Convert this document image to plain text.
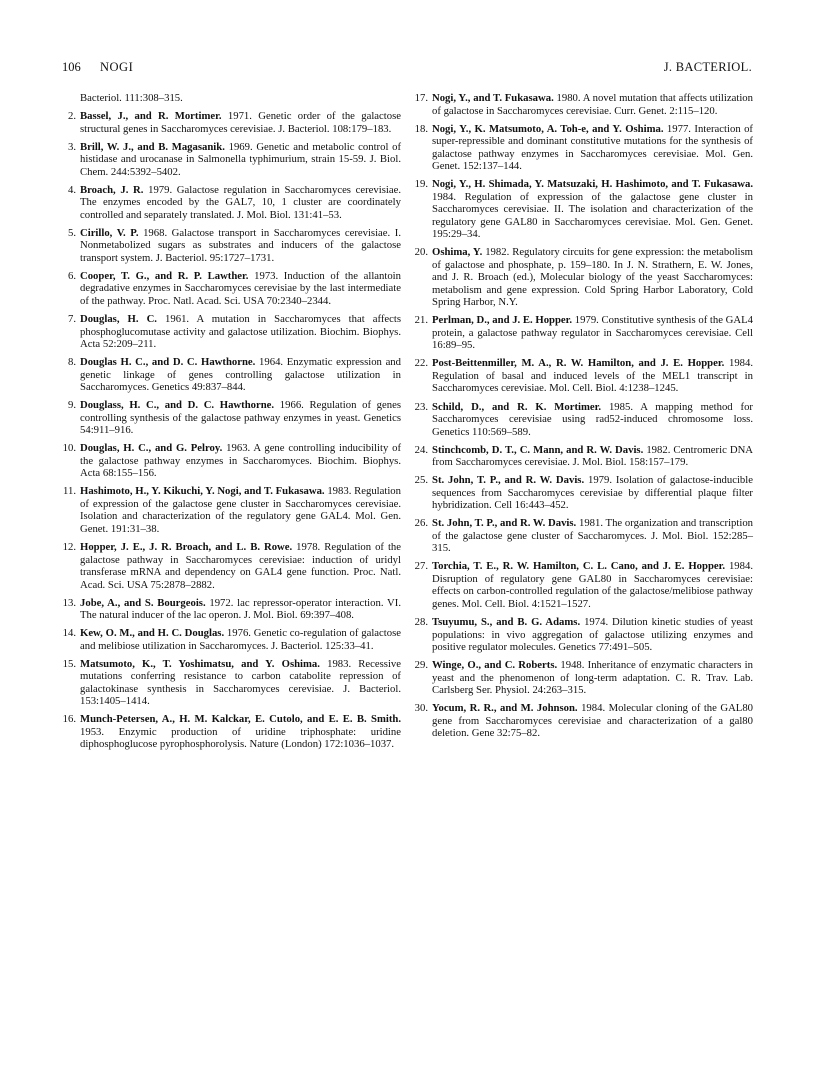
106 NOGI	J. BACTERIOL.
Bacteriol. 111:308–315.
2. Bassel, J., and R. Mortimer. 1971. Genetic order of the galactose structural genes in Saccharomyces cerevisiae. J. Bacteriol. 108:179–183.
3. Brill, W. J., and B. Magasanik. 1969. Genetic and metabolic control of histidase and urocanase in Salmonella typhimurium, strain 15-59. J. Biol. Chem. 244:5392–5402.
4. Broach, J. R. 1979. Galactose regulation in Saccharomyces cerevisiae. The enzymes encoded by the GAL7, 10, 1 cluster are coordinately controlled and separately translated. J. Mol. Biol. 131:41–53.
5. Cirillo, V. P. 1968. Galactose transport in Saccharomyces cerevisiae. I. Nonmetabolized sugars as substrates and inducers of the galactose transport system. J. Bacteriol. 95:1727–1731.
6. Cooper, T. G., and R. P. Lawther. 1973. Induction of the allantoin degradative enzymes in Saccharomyces cerevisiae by the last intermediate of the pathway. Proc. Natl. Acad. Sci. USA 70:2340–2344.
7. Douglas, H. C. 1961. A mutation in Saccharomyces that affects phosphoglucomutase activity and galactose utilization. Biochim. Biophys. Acta 52:209–211.
8. Douglas H. C., and D. C. Hawthorne. 1964. Enzymatic expression and genetic linkage of genes controlling galactose utilization in Saccharomyces. Genetics 49:837–844.
9. Douglass, H. C., and D. C. Hawthorne. 1966. Regulation of genes controlling synthesis of the galactose pathway enzymes in yeast. Genetics 54:911–916.
10. Douglas, H. C., and G. Pelroy. 1963. A gene controlling inducibility of the galactose pathway enzymes in Saccharomyces. Biochim. Biophys. Acta 68:155–156.
11. Hashimoto, H., Y. Kikuchi, Y. Nogi, and T. Fukasawa. 1983. Regulation of expression of the galactose gene cluster in Saccharomyces cerevisiae. Isolation and characterization of the regulatory gene GAL4. Mol. Gen. Genet. 191:31–38.
12. Hopper, J. E., J. R. Broach, and L. B. Rowe. 1978. Regulation of the galactose pathway in Saccharomyces cerevisiae: induction of uridyl transferase mRNA and dependency on GAL4 gene function. Proc. Natl. Acad. Sci. USA 75:2878–2882.
13. Jobe, A., and S. Bourgeois. 1972. lac repressor-operator interaction. VI. The natural inducer of the lac operon. J. Mol. Biol. 69:397–408.
14. Kew, O. M., and H. C. Douglas. 1976. Genetic co-regulation of galactose and melibiose utilization in Saccharomyces. J. Bacteriol. 125:33–41.
15. Matsumoto, K., T. Yoshimatsu, and Y. Oshima. 1983. Recessive mutations conferring resistance to carbon catabolite repression of galactokinase synthesis in Saccharomyces cerevisiae. J. Bacteriol. 153:1405–1414.
16. Munch-Petersen, A., H. M. Kalckar, E. Cutolo, and E. E. B. Smith. 1953. Enzymic production of uridine triphosphate: uridine diphosphoglucose pyrophosphorolysis. Nature (London) 172:1036–1037.
17. Nogi, Y., and T. Fukasawa. 1980. A novel mutation that affects utilization of galactose in Saccharomyces cerevisiae. Curr. Genet. 2:115–120.
18. Nogi, Y., K. Matsumoto, A. Toh-e, and Y. Oshima. 1977. Interaction of super-repressible and dominant constitutive mutations for the synthesis of galactose pathway enzymes in Saccharomyces cerevisiae. Mol. Gen. Genet. 152:137–144.
19. Nogi, Y., H. Shimada, Y. Matsuzaki, H. Hashimoto, and T. Fukasawa. 1984. Regulation of expression of the galactose gene cluster in Saccharomyces cerevisiae. II. The isolation and characterization of the regulatory gene GAL80 in Saccharomyces cerevisiae. Mol. Gen. Genet. 195:29–34.
20. Oshima, Y. 1982. Regulatory circuits for gene expression: the metabolism of galactose and phosphate, p. 159–180. In J. N. Strathern, E. W. Jones, and J. R. Broach (ed.), Molecular biology of the yeast Saccharomyces: metabolism and gene expression. Cold Spring Harbor Laboratory, Cold Spring Harbor, N.Y.
21. Perlman, D., and J. E. Hopper. 1979. Constitutive synthesis of the GAL4 protein, a galactose pathway regulator in Saccharomyces cerevisiae. Cell 16:89–95.
22. Post-Beittenmiller, M. A., R. W. Hamilton, and J. E. Hopper. 1984. Regulation of basal and induced levels of the MEL1 transcript in Saccharomyces cerevisiae. Mol. Cell. Biol. 4:1238–1245.
23. Schild, D., and R. K. Mortimer. 1985. A mapping method for Saccharomyces cerevisiae using rad52-induced chromosome loss. Genetics 110:569–589.
24. Stinchcomb, D. T., C. Mann, and R. W. Davis. 1982. Centromeric DNA from Saccharomyces cerevisiae. J. Mol. Biol. 158:157–179.
25. St. John, T. P., and R. W. Davis. 1979. Isolation of galactose-inducible sequences from Saccharomyces cerevisiae by differential plaque filter hybridization. Cell 16:443–452.
26. St. John, T. P., and R. W. Davis. 1981. The organization and transcription of the galactose gene cluster of Saccharomyces. J. Mol. Biol. 152:285–315.
27. Torchia, T. E., R. W. Hamilton, C. L. Cano, and J. E. Hopper. 1984. Disruption of regulatory gene GAL80 in Saccharomyces cerevisiae: effects on carbon-controlled regulation of the galactose/melibiose pathway genes. Mol. Cell. Biol. 4:1521–1527.
28. Tsuyumu, S., and B. G. Adams. 1974. Dilution kinetic studies of yeast populations: in vivo aggregation of galactose utilizing enzymes and positive regulator molecules. Genetics 77:491–505.
29. Winge, O., and C. Roberts. 1948. Inheritance of enzymatic characters in yeast and the phenomenon of long-term adaptation. C. R. Trav. Lab. Carlsberg Ser. Physiol. 24:263–315.
30. Yocum, R. R., and M. Johnson. 1984. Molecular cloning of the GAL80 gene from Saccharomyces cerevisiae and characterization of a gal80 deletion. Gene 32:75–82.
